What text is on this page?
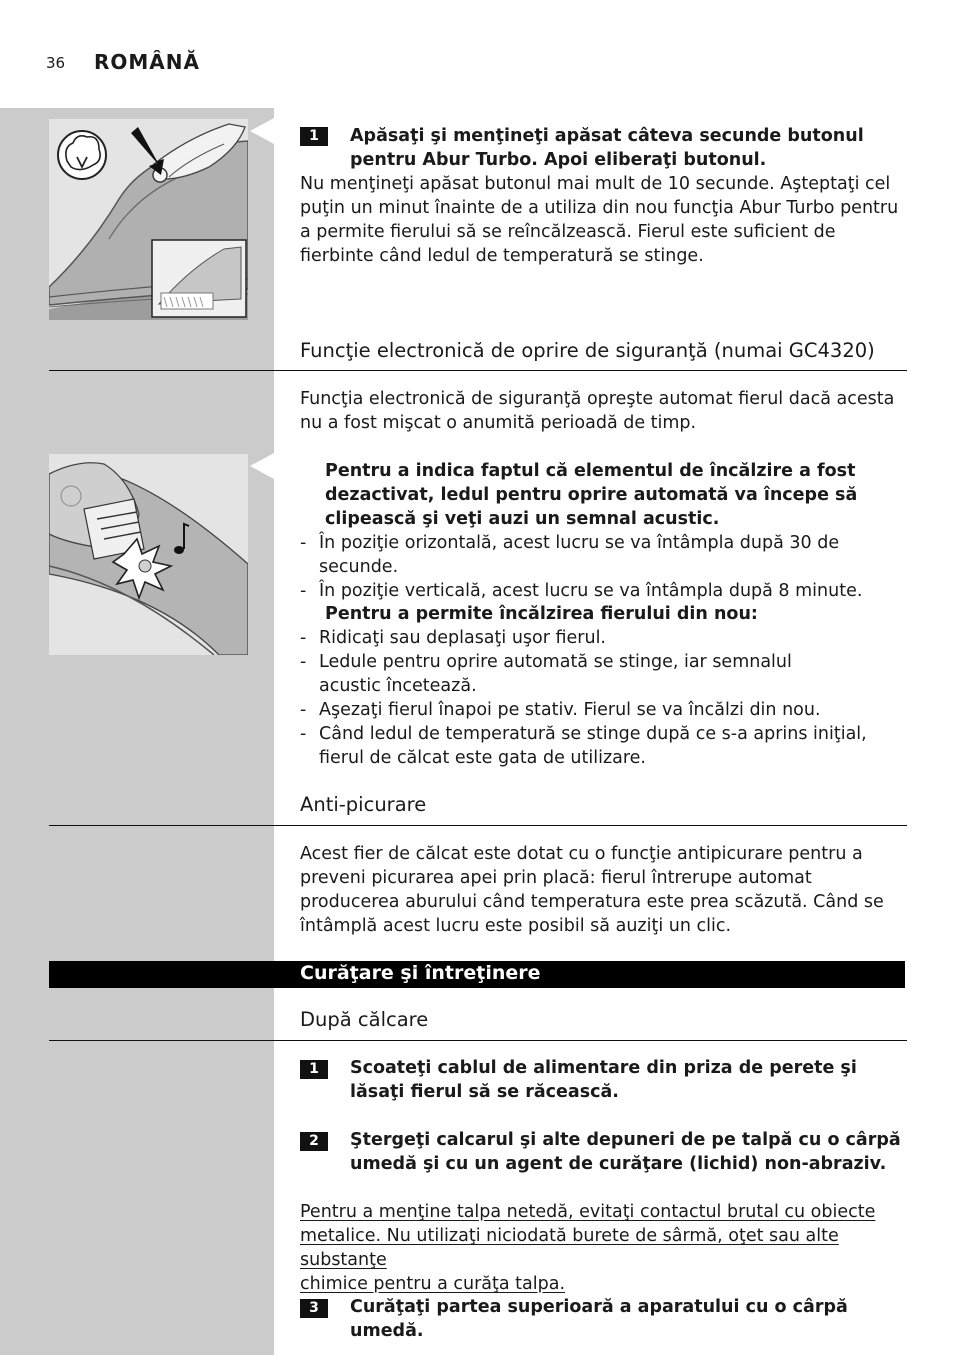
36 ROMÂNĂ
1	Apăsaţi şi menţineţi apăsat câteva secunde butonul pentru Abur Turbo. Apoi eliberaţi butonul.
Nu menţineţi apăsat butonul mai mult de 10 secunde. Aşteptaţi cel puţin un minut înainte de a utiliza din nou funcţia Abur Turbo pentru a permite fierului să se reîncălzească. Fierul este suficient de fierbinte când ledul de temperatură se stinge.
Funcţie electronică de oprire de siguranţă (numai GC4320)
Funcţia electronică de siguranţă opreşte automat fierul dacă acesta nu a fost mişcat o anumită perioadă de timp.
Pentru a indica faptul că elementul de încălzire a fost dezactivat, ledul pentru oprire automată va începe să clipească şi veţi auzi un semnal acustic.
- În poziţie orizontală, acest lucru se va întâmpla după 30 de secunde.
- În poziţie verticală, acest lucru se va întâmpla după 8 minute.
Pentru a permite încălzirea fierului din nou:
- Ridicaţi sau deplasaţi uşor fierul.
- Ledule pentru oprire automată se stinge, iar semnalul acustic încetează.
- Aşezaţi fierul înapoi pe stativ. Fierul se va încălzi din nou.
- Când ledul de temperatură se stinge după ce s-a aprins iniţial, fierul de călcat este gata de utilizare.
Anti-picurare
Acest fier de călcat este dotat cu o funcţie antipicurare pentru a preveni picurarea apei prin placă: fierul întrerupe automat producerea aburului când temperatura este prea scăzută. Când se întâmplă acest lucru este posibil să auziţi un clic.
Curăţare şi întreţinere
După călcare
1	Scoateţi cablul de alimentare din priza de perete şi lăsaţi fierul să se răcească.
2	Ştergeţi calcarul şi alte depuneri de pe talpă cu o cârpă umedă şi cu un agent de curăţare (lichid) non-abraziv.
Pentru a menţine talpa netedă, evitaţi contactul brutal cu obiecte
metalice. Nu utilizaţi niciodată burete de sârmă, oţet sau alte substanţe
chimice pentru a curăţa talpa.
3	Curăţaţi partea superioară a aparatului cu o cârpă umedă.
